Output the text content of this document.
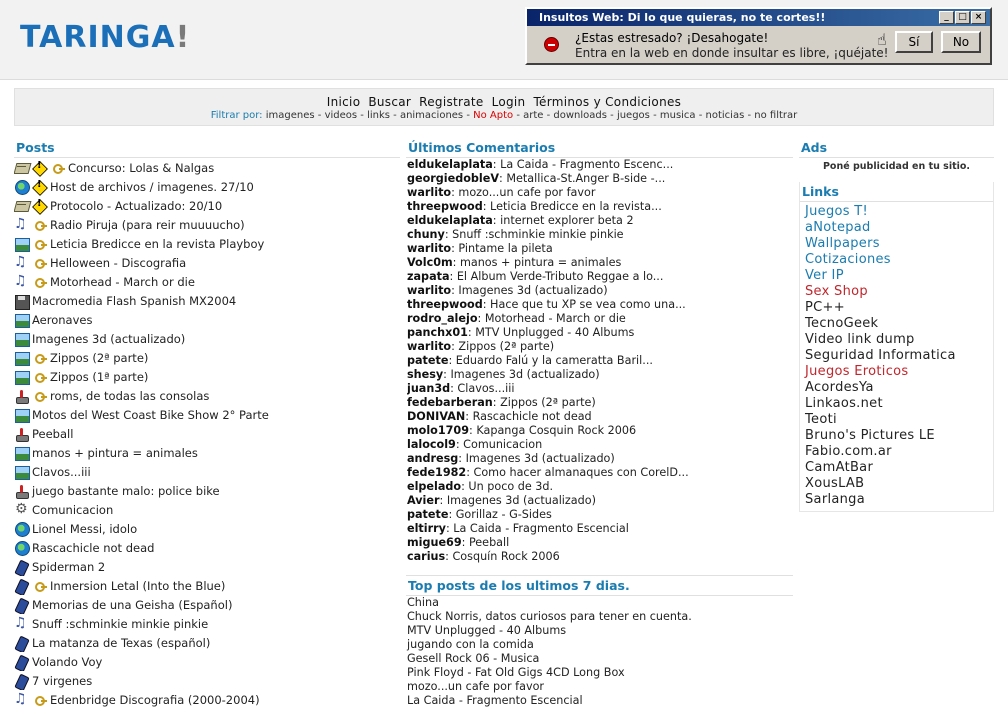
TARINGA!
Insultos Web: Di lo que quieras, no te cortes!!	_	□ ×
¿Estas estresado? ¡Desahogate!
Entra en la web en donde insultar es libre, ¡quéjate!
☝	Sí	No
Inicio Buscar Registrate Login Términos y Condiciones
Filtrar por: imagenes - videos - links - animaciones - No Apto - arte - downloads - juegos - musica - noticias - no filtrar
Posts
!
Concurso: Lolas & Nalgas
!
Host de archivos / imagenes. 27/10
!
Protocolo - Actualizado: 20/10
♫
Radio Piruja (para reir muuuucho)
Leticia Bredicce en la revista Playboy
♫
Helloween - Discografia
♫
Motorhead - March or die
Macromedia Flash Spanish MX2004
Aeronaves
Imagenes 3d (actualizado)
Zippos (2ª parte)
Zippos (1ª parte)
roms, de todas las consolas
Motos del West Coast Bike Show 2° Parte
Peeball
manos + pintura = animales
Clavos...iii
juego bastante malo: police bike
⚙
Comunicacion
Lionel Messi, idolo
Rascachicle not dead
Spiderman 2
Inmersion Letal (Into the Blue)
Memorias de una Geisha (Español)
♫
Snuff :schminkie minkie pinkie
La matanza de Texas (español)
Volando Voy
7 virgenes
♫
Edenbridge Discografia (2000-2004)
Últimos Comentarios
eldukelaplata: La Caida - Fragmento Escenc...
georgiedobleV: Metallica-St.Anger B-side -...
warlito: mozo...un cafe por favor
threepwood: Leticia Bredicce en la revista...
eldukelaplata: internet explorer beta 2
chuny: Snuff :schminkie minkie pinkie
warlito: Pintame la pileta
Volc0m: manos + pintura = animales
zapata: El Album Verde-Tributo Reggae a lo...
warlito: Imagenes 3d (actualizado)
threepwood: Hace que tu XP se vea como una...
rodro_alejo: Motorhead - March or die
panchx01: MTV Unplugged - 40 Albums
warlito: Zippos (2ª parte)
patete: Eduardo Falú y la cameratta Baril...
shesy: Imagenes 3d (actualizado)
juan3d: Clavos...iii
fedebarberan: Zippos (2ª parte)
DONIVAN: Rascachicle not dead
molo1709: Kapanga Cosquin Rock 2006
lalocol9: Comunicacion
andresg: Imagenes 3d (actualizado)
fede1982: Como hacer almanaques con CorelD...
elpelado: Un poco de 3d.
Avier: Imagenes 3d (actualizado)
patete: Gorillaz - G-Sides
eltirry: La Caida - Fragmento Escencial
migue69: Peeball
carius: Cosquín Rock 2006
Top posts de los ultimos 7 dias.
China
Chuck Norris, datos curiosos para tener en cuenta.
MTV Unplugged - 40 Albums
jugando con la comida
Gesell Rock 06 - Musica
Pink Floyd - Fat Old Gigs 4CD Long Box
mozo...un cafe por favor
La Caida - Fragmento Escencial
Ads
Poné publicidad en tu sitio.
Links
Juegos T!
aNotepad
Wallpapers
Cotizaciones
Ver IP
Sex Shop
PC++
TecnoGeek
Video link dump
Seguridad Informatica
Juegos Eroticos
AcordesYa
Linkaos.net
Teoti
Bruno's Pictures LE
Fabio.com.ar
CamAtBar
XousLAB
Sarlanga
